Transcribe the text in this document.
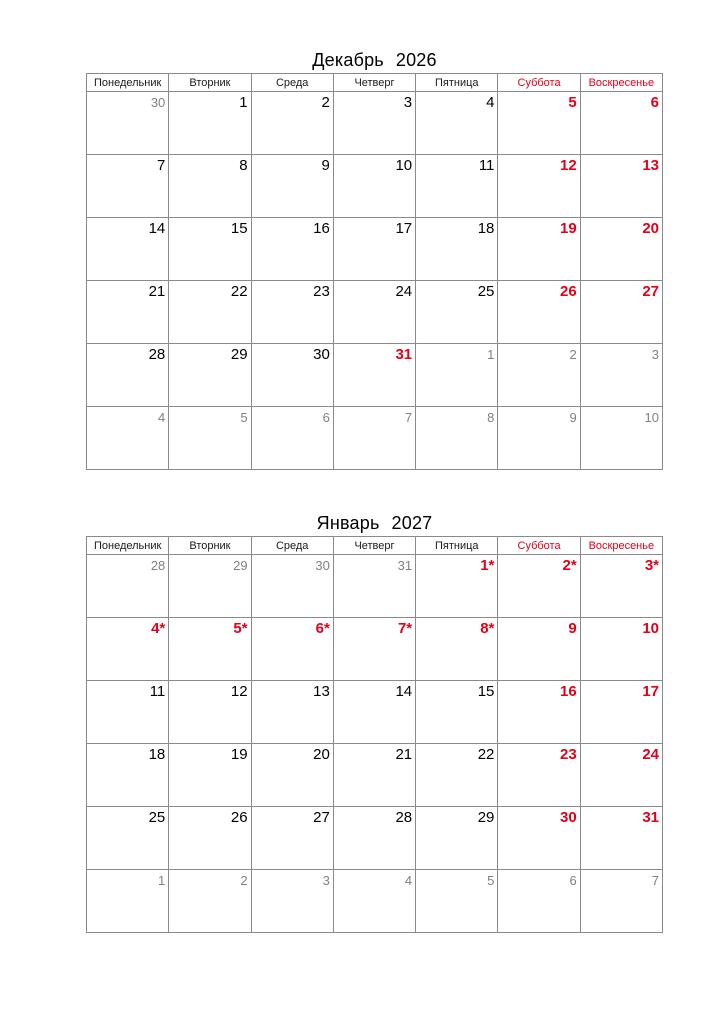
Декабрь 2026
Понедельник	Вторник	Среда	Четверг	Пятница	Суббота	Воскресенье

30	1	2	3	4	5	6

7	8	9	10	11	12	13

14	15	16	17	18	19	20

21	22	23	24	25	26	27

28	29	30	31	1	2	3

4	5	6	7	8	9	10
Январь 2027
Понедельник	Вторник	Среда	Четверг	Пятница	Суббота	Воскресенье

28	29	30	31	1*	2*	3*

4*	5*	6*	7*	8*	9	10

11	12	13	14	15	16	17

18	19	20	21	22	23	24

25	26	27	28	29	30	31

1	2	3	4	5	6	7
